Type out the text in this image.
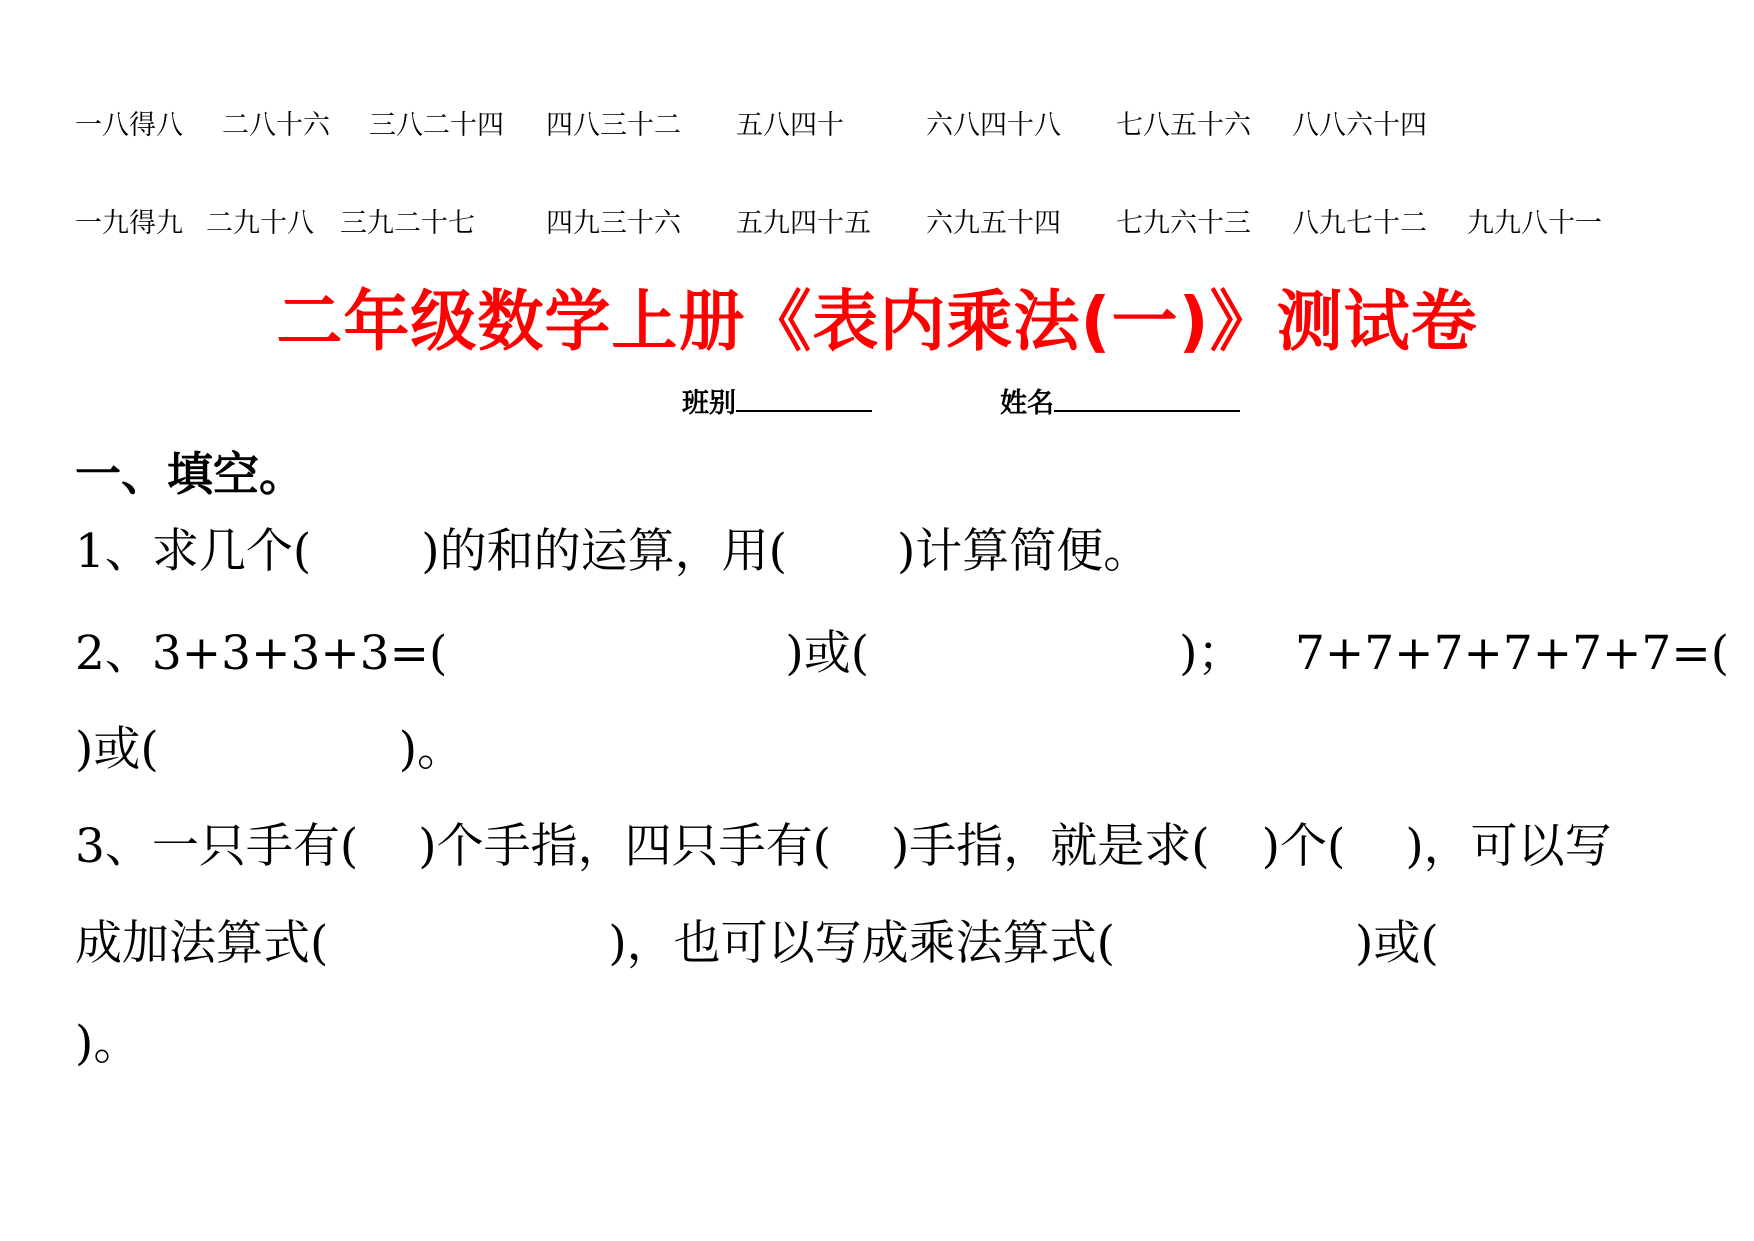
一八得八 二八十六 三八二十四 四八三十二 五八四十	六八四十八 七八五十六 八八六十四
一九得九 二九十八 三九二十七	四九三十六 五九四十五 六九五十四 七九六十三 八九七十二 九九八十一
二年级数学上册《表内乘法(一)》测试卷
班别	姓名
一、填空。
1、求几个( )的和的运算，用( )计算简便。
2、3+3+3+3=(	)或(	)； 7+7+7+7+7+7=(
)或(	)。
3、一只手有( )个手指，四只手有( )手指，就是求( )个( )，可以写
成加法算式(	)，也可以写成乘法算式(	)或(
)。
